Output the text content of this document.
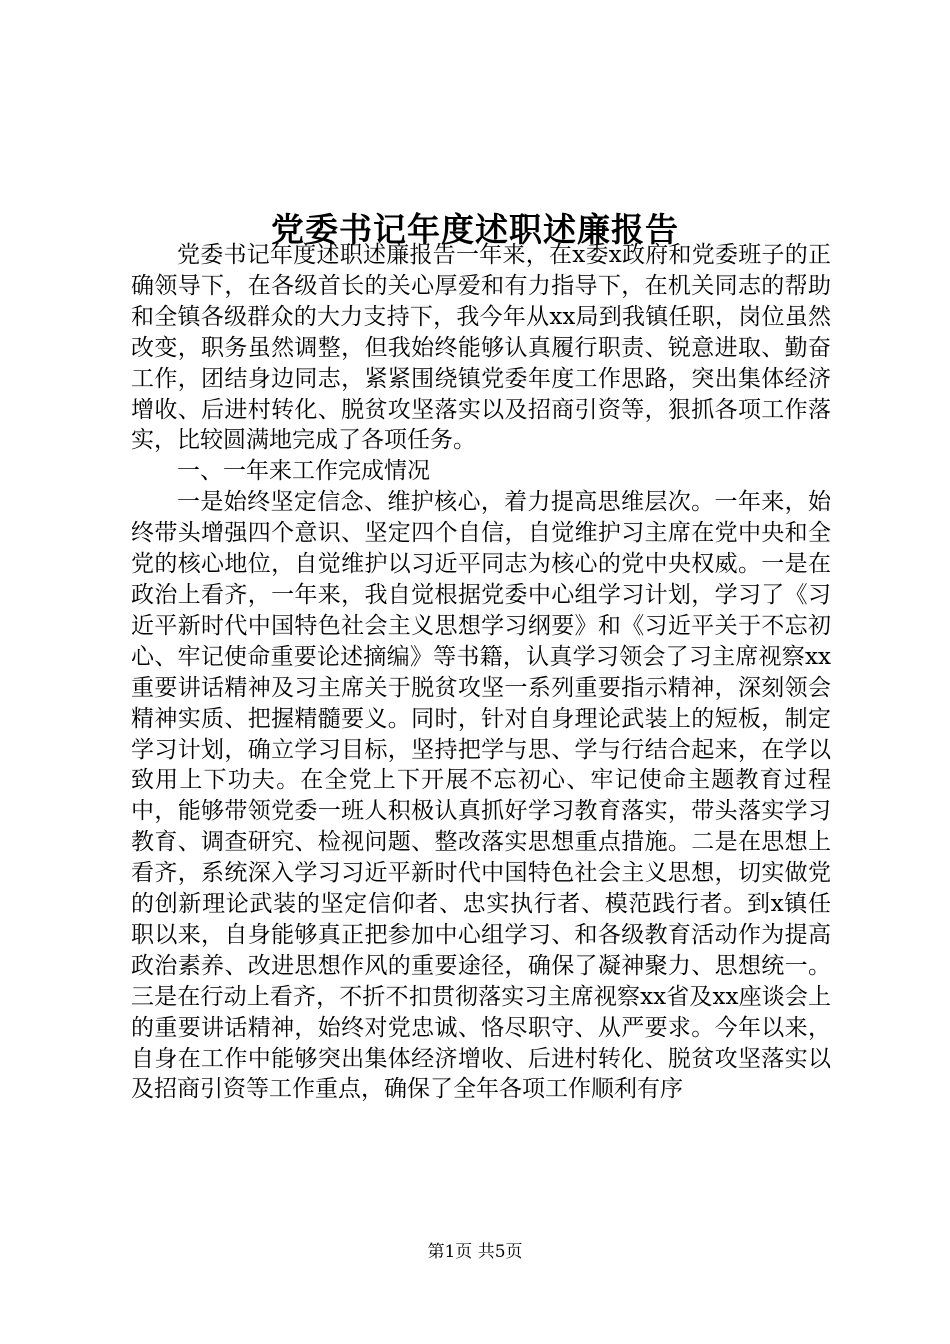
党委书记年度述职述廉报告

党委书记年度述职述廉报告一年来，在x委x政府和党委班子的正确领导下，在各级首长的关心厚爱和有力指导下，在机关同志的帮助和全镇各级群众的大力支持下，我今年从xx局到我镇任职，岗位虽然改变，职务虽然调整，但我始终能够认真履行职责、锐意进取、勤奋工作，团结身边同志，紧紧围绕镇党委年度工作思路，突出集体经济增收、后进村转化、脱贫攻坚落实以及招商引资等，狠抓各项工作落实，比较圆满地完成了各项任务。

一、一年来工作完成情况

一是始终坚定信念、维护核心，着力提高思维层次。一年来，始终带头增强四个意识、坚定四个自信，自觉维护习主席在党中央和全党的核心地位，自觉维护以习近平同志为核心的党中央权威。一是在政治上看齐，一年来，我自觉根据党委中心组学习计划，学习了《习近平新时代中国特色社会主义思想学习纲要》和《习近平关于不忘初心、牢记使命重要论述摘编》等书籍，认真学习领会了习主席视察xx重要讲话精神及习主席关于脱贫攻坚一系列重要指示精神，深刻领会精神实质、把握精髓要义。同时，针对自身理论武装上的短板，制定学习计划，确立学习目标，坚持把学与思、学与行结合起来，在学以致用上下功夫。在全党上下开展不忘初心、牢记使命主题教育过程中，能够带领党委一班人积极认真抓好学习教育落实，带头落实学习教育、调查研究、检视问题、整改落实思想重点措施。二是在思想上看齐，系统深入学习习近平新时代中国特色社会主义思想，切实做党的创新理论武装的坚定信仰者、忠实执行者、模范践行者。到x镇任职以来，自身能够真正把参加中心组学习、和各级教育活动作为提高政治素养、改进思想作风的重要途径，确保了凝神聚力、思想统一。三是在行动上看齐，不折不扣贯彻落实习主席视察xx省及xx座谈会上的重要讲话精神，始终对党忠诚、恪尽职守、从严要求。今年以来，自身在工作中能够突出集体经济增收、后进村转化、脱贫攻坚落实以及招商引资等工作重点，确保了全年各项工作顺利有序

第1页 共5页
